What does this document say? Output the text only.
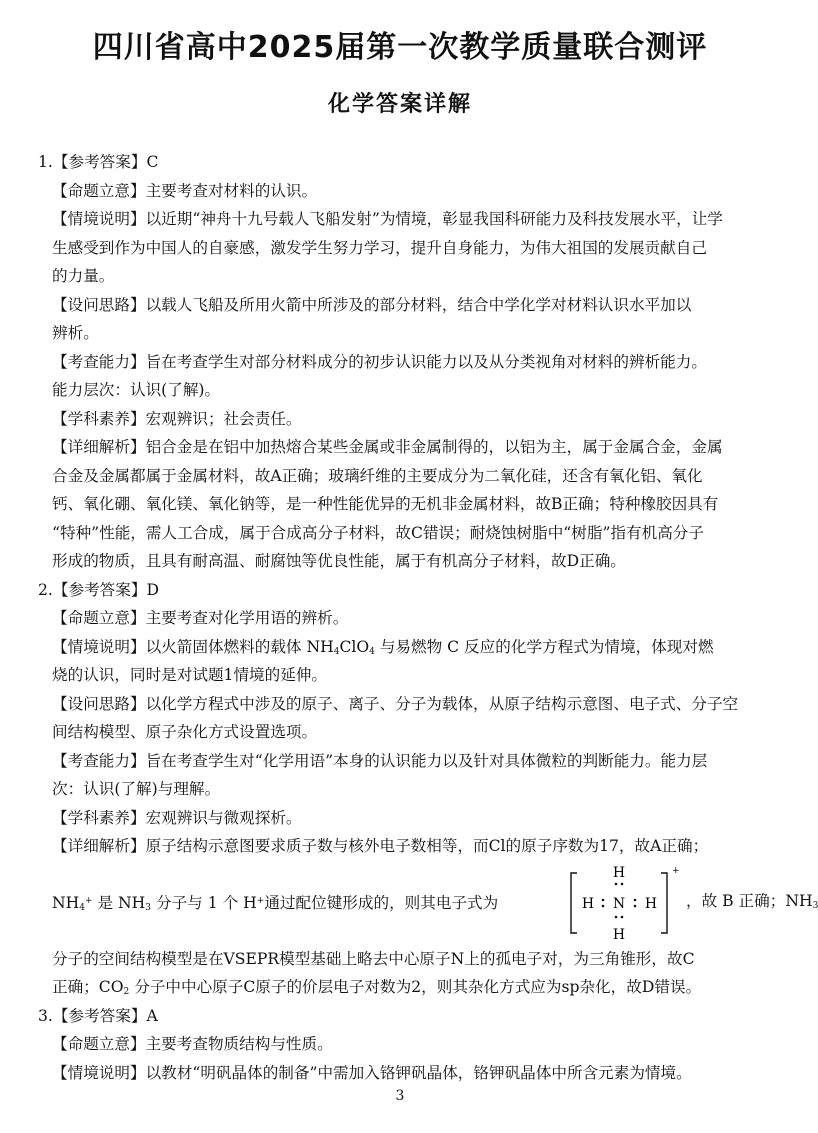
四川省高中2025届第一次教学质量联合测评
化学答案详解
1.【参考答案】C
【命题立意】主要考查对材料的认识。
【情境说明】以近期“神舟十九号载人飞船发射”为情境，彰显我国科研能力及科技发展水平，让学
生感受到作为中国人的自豪感，激发学生努力学习，提升自身能力，为伟大祖国的发展贡献自己
的力量。
【设问思路】以载人飞船及所用火箭中所涉及的部分材料，结合中学化学对材料认识水平加以
辨析。
【考查能力】旨在考查学生对部分材料成分的初步认识能力以及从分类视角对材料的辨析能力。
能力层次：认识(了解)。
【学科素养】宏观辨识；社会责任。
【详细解析】铝合金是在铝中加热熔合某些金属或非金属制得的，以铝为主，属于金属合金，金属
合金及金属都属于金属材料，故A正确；玻璃纤维的主要成分为二氧化硅，还含有氧化铝、氧化
钙、氧化硼、氧化镁、氧化钠等，是一种性能优异的无机非金属材料，故B正确；特种橡胶因具有
“特种”性能，需人工合成，属于合成高分子材料，故C错误；耐烧蚀树脂中“树脂”指有机高分子
形成的物质，且具有耐高温、耐腐蚀等优良性能，属于有机高分子材料，故D正确。
2.【参考答案】D
【命题立意】主要考查对化学用语的辨析。
【情境说明】以火箭固体燃料的载体 $NH_4ClO_4$ 与易燃物 C 反应的化学方程式为情境，体现对燃
烧的认识，同时是对试题1情境的延伸。
【设问思路】以化学方程式中涉及的原子、离子、分子为载体，从原子结构示意图、电子式、分子空
间结构模型、原子杂化方式设置选项。
【考查能力】旨在考查学生对“化学用语”本身的认识能力以及针对具体微粒的判断能力。能力层
次：认识(了解)与理解。
【学科素养】宏观辨识与微观探析。
【详细解析】原子结构示意图要求质子数与核外电子数相等，而Cl的原子序数为17，故A正确；
$NH_4^+$ 是 $NH_3$ 分子与 1 个 H+通过配位键形成的，则其电子式为
+
H
N
H	H
H
，故 B 正确；$NH_3$
分子的空间结构模型是在VSEPR模型基础上略去中心原子N上的孤电子对，为三角锥形，故C
正确；$CO_2$ 分子中中心原子C原子的价层电子对数为2，则其杂化方式应为sp杂化，故D错误。
3.【参考答案】A
【命题立意】主要考查物质结构与性质。
【情境说明】以教材“明矾晶体的制备”中需加入铬钾矾晶体，铬钾矾晶体中所含元素为情境。
3
